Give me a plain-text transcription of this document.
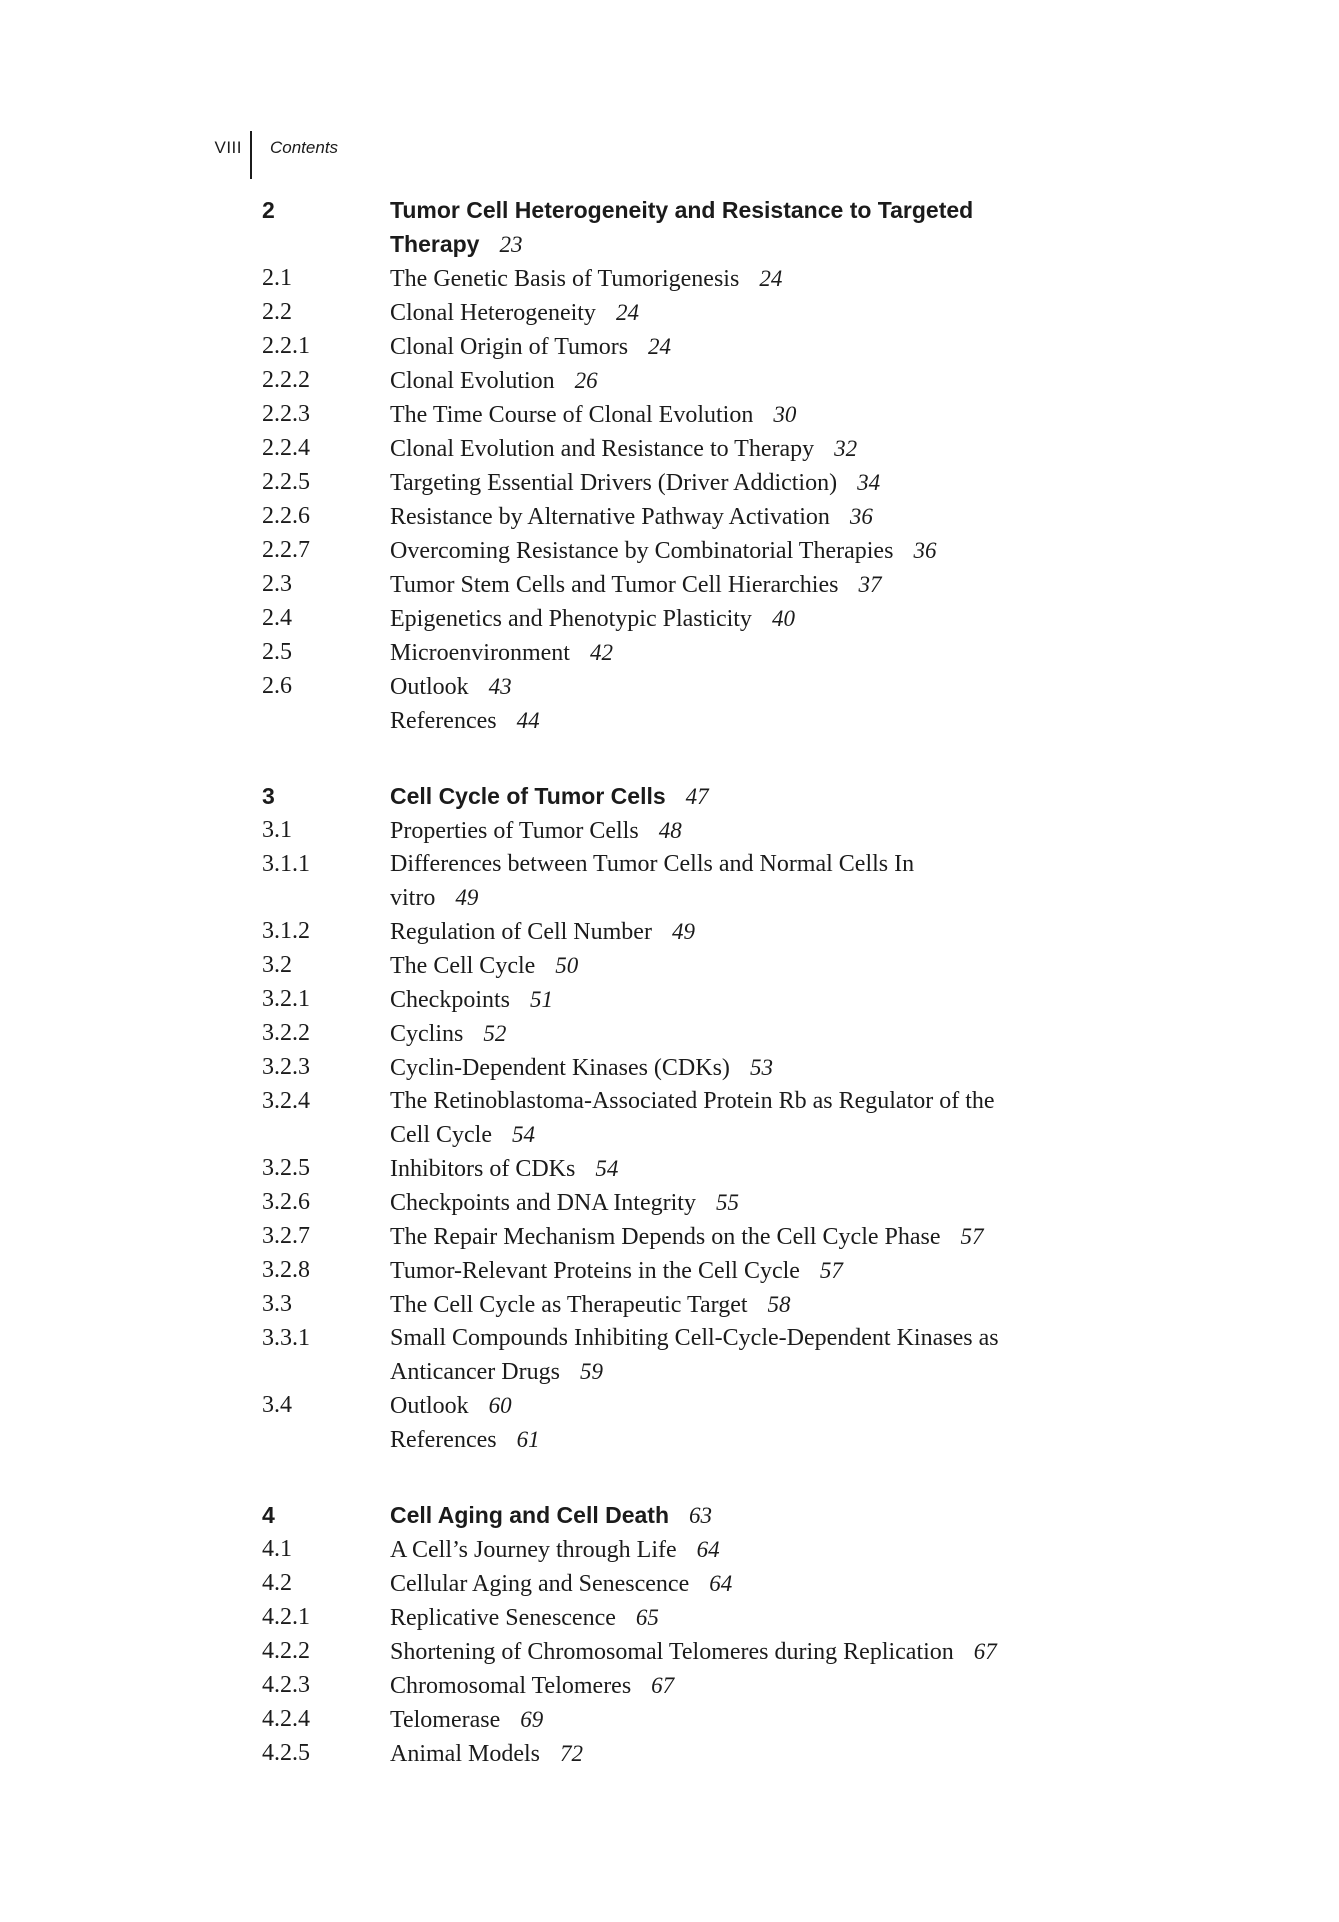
VIII Contents
2	Tumor Cell Heterogeneity and Resistance to Targeted Therapy 23
2.1	The Genetic Basis of Tumorigenesis 24
2.2	Clonal Heterogeneity 24
2.2.1	Clonal Origin of Tumors 24
2.2.2	Clonal Evolution 26
2.2.3	The Time Course of Clonal Evolution 30
2.2.4	Clonal Evolution and Resistance to Therapy 32
2.2.5	Targeting Essential Drivers (Driver Addiction) 34
2.2.6	Resistance by Alternative Pathway Activation 36
2.2.7	Overcoming Resistance by Combinatorial Therapies 36
2.3	Tumor Stem Cells and Tumor Cell Hierarchies 37
2.4	Epigenetics and Phenotypic Plasticity 40
2.5	Microenvironment 42
2.6	Outlook 43
References 44
3	Cell Cycle of Tumor Cells 47
3.1	Properties of Tumor Cells 48
3.1.1	Differences between Tumor Cells and Normal Cells In
vitro 49
3.1.2	Regulation of Cell Number 49
3.2	The Cell Cycle 50
3.2.1	Checkpoints 51
3.2.2	Cyclins 52
3.2.3	Cyclin-Dependent Kinases (CDKs) 53
3.2.4	The Retinoblastoma-Associated Protein Rb as Regulator of the
Cell Cycle 54
3.2.5	Inhibitors of CDKs 54
3.2.6	Checkpoints and DNA Integrity 55
3.2.7	The Repair Mechanism Depends on the Cell Cycle Phase 57
3.2.8	Tumor-Relevant Proteins in the Cell Cycle 57
3.3	The Cell Cycle as Therapeutic Target 58
3.3.1	Small Compounds Inhibiting Cell-Cycle-Dependent Kinases as
Anticancer Drugs 59
3.4	Outlook 60
References 61
4	Cell Aging and Cell Death 63
4.1	A Cell’s Journey through Life 64
4.2	Cellular Aging and Senescence 64
4.2.1	Replicative Senescence 65
4.2.2	Shortening of Chromosomal Telomeres during Replication 67
4.2.3	Chromosomal Telomeres 67
4.2.4	Telomerase 69
4.2.5	Animal Models 72
